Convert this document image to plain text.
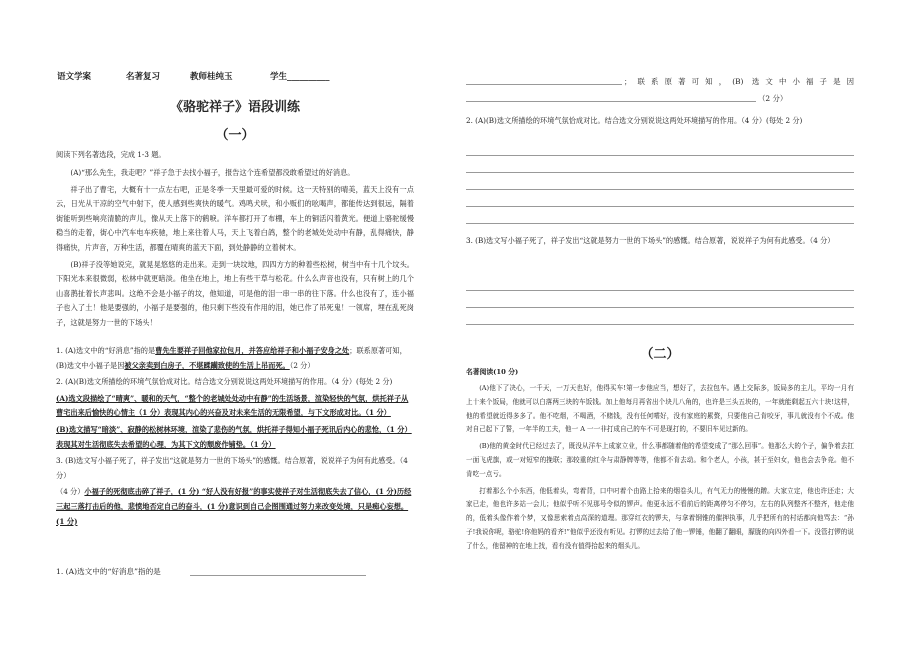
语文学案	名著复习	教师桂纯玉	学生__________
《骆驼祥子》语段训练
（一）

阅读下列名著选段，完成 1-3 题。

(A)“那么先生，我走吧？”祥子急于去找小福子，报告这个连希望都没敢希望过的好消息。

祥子出了曹宅，大概有十一点左右吧，正是冬季一天里最可爱的时候。这一天特别的晴美，蓝天上没有一点云，日光从干凉的空气中射下，使人感到些爽快的暖气。鸡鸣犬吠，和小贩们的吆喝声，都能传达到很远，隔着街能听到些响亮清脆的声儿，像从天上落下的鹤唳。洋车都打开了布棚，车上的铜活闪着黄光。便道上骆驼缓慢稳当的走着，街心中汽车电车疾驰，地上来往着人马，天上飞着白鸽，整个的老城处处动中有静，乱得痛快，静得痛快，片声音，万种生活，都覆在晴爽的蓝天下面，到处静静的立着树木。

(B)祥子没等她说完，就晃晃悠悠的走出来。走到一块坟地，四四方方的种着些松树，树当中有十几个坟头。下阳光本来很微弱，松林中就更暗淡。他坐在地上，地上有些干草与松花。什么么声音也没有，只有树上的几个山喜鹊扯着长声悲叫。这绝不会是小福子的坟，他知道，可是他的泪一串一串的往下落。什么也没有了，连小福子也入了土！他是要强的，小福子是要强的，他只剩下些没有作用的泪，她已作了吊死鬼！一领席，埋在乱死岗子，这就是努力一世的下场头！

1. (A)选文中的“好消息”指的是曹先生要祥子回他家拉包月，并答应给祥子和小福子安身之处；联系原著可知，(B)选文中小福子是因被父亲卖到白房子，不堪蹂躏致使的生活上吊而死。（2 分）

2. (A)(B)选文所描绘的环境气氛恰成对比。结合选文分别说说这两处环境描写的作用。（4 分）(每处 2 分)

(A)选文段描绘了“晴爽”、暖和的天气，“整个的老城处处动中有静”的生活场景，渲染轻快的气氛，烘托祥子从曹宅出来后愉快的心情主（1 分）表现其内心的兴奋及对未来生活的无限希望，与下文形成对比。（1 分）

(B)选文描写“暗淡”、寂静的松树林环境，渲染了悲伤的气氛，烘托祥子得知小福子死讯后内心的悲怆，（1 分）表现其对生活彻底失去希望的心理，为其下文的颓废作铺垫。（1 分）

3. (B)选文写小福子死了，祥子发出“这就是努力一世的下场头”的感慨。结合原著，说说祥子为何有此感受。（4 分）

（4 分）小福子的死彻底击碎了祥子，(1 分) “好人没有好报”的事实使祥子对生活彻底失去了信心，(1 分)历经三起三落打击后的他，悲愤地否定自己的奋斗，(1 分)意识到自己企图围通过努力来改变处境，只是痴心妄想。(1 分)

1. (A)选文中的“好消息”指的是
；联系原著可知，(B) 选文中小福子是因
（2 分）

2. (A)(B)选文所描绘的环境气氛恰成对比。结合选文分别说说这两处环境描写的作用。（4 分）(每处 2 分)

3. (B)选文写小福子死了，祥子发出“这就是努力一世的下场头”的感慨。结合原著，说说祥子为何有此感受。（4 分）

（二）
名著阅读(10 分)

(A)他下了决心，一千天，一万天也好，他得买车!第一步他应当，想好了，去拉包车。遇上交际多，饭局多的主儿，平均一月有上十来个饭局，他就可以白落两三块的车饭钱。加上他每月再省出个块儿八角的，也许是三头五块的，一年就能剩起五六十块!这样，他的希望就近得多多了。他不吃烟，不喝酒，不赌钱，没有任何嗜好，没有家庭的累赘，只要他自己肯咬牙，事儿就没有个不成。他对自己起下了誓，一年半的工夫，他一 A 一一非打成自己的车不可是现打的，不要旧车见过新的。

(B)他的黄金时代已经过去了，既没从洋车上成家立业，什么事都随着他的希望变成了“那么回事”。他那么大的个子，偏争着去扛一面飞虎旗，或一对短窄的挽联；那较重的红伞与肃静牌等等，他都不肯去动。和个老人，小孩，甚于至妇女，他也会去争竞。他不肯吃一点亏。

打着那么个小东西，他低着头，弯着背，口中叼着个由路上拾来的烟卷头儿，有气无力的慢慢的蹭。大家立定，他也许还走；大家已走，他也许多站一会儿；他似乎听不见那号令似的锣声。他更永远不看前后的距离停匀不停匀，左右的队列整齐不整齐，他走他的，低着头像作着个梦，又像思索着点高深的道理。那穿红衣的锣夫，与拿着钢锥的催押执事，几乎把所有的村话都向他骂去：“孙子!我说你呢，骆驼!你他妈的看齐!”他似乎还没有听见。打锣的过去给了他一锣锤，他翻了翻眼，朦胧的向四外看一下。没管打锣的说了什么，他留神的在地上找，看有没有值得拾起来的烟头儿。
